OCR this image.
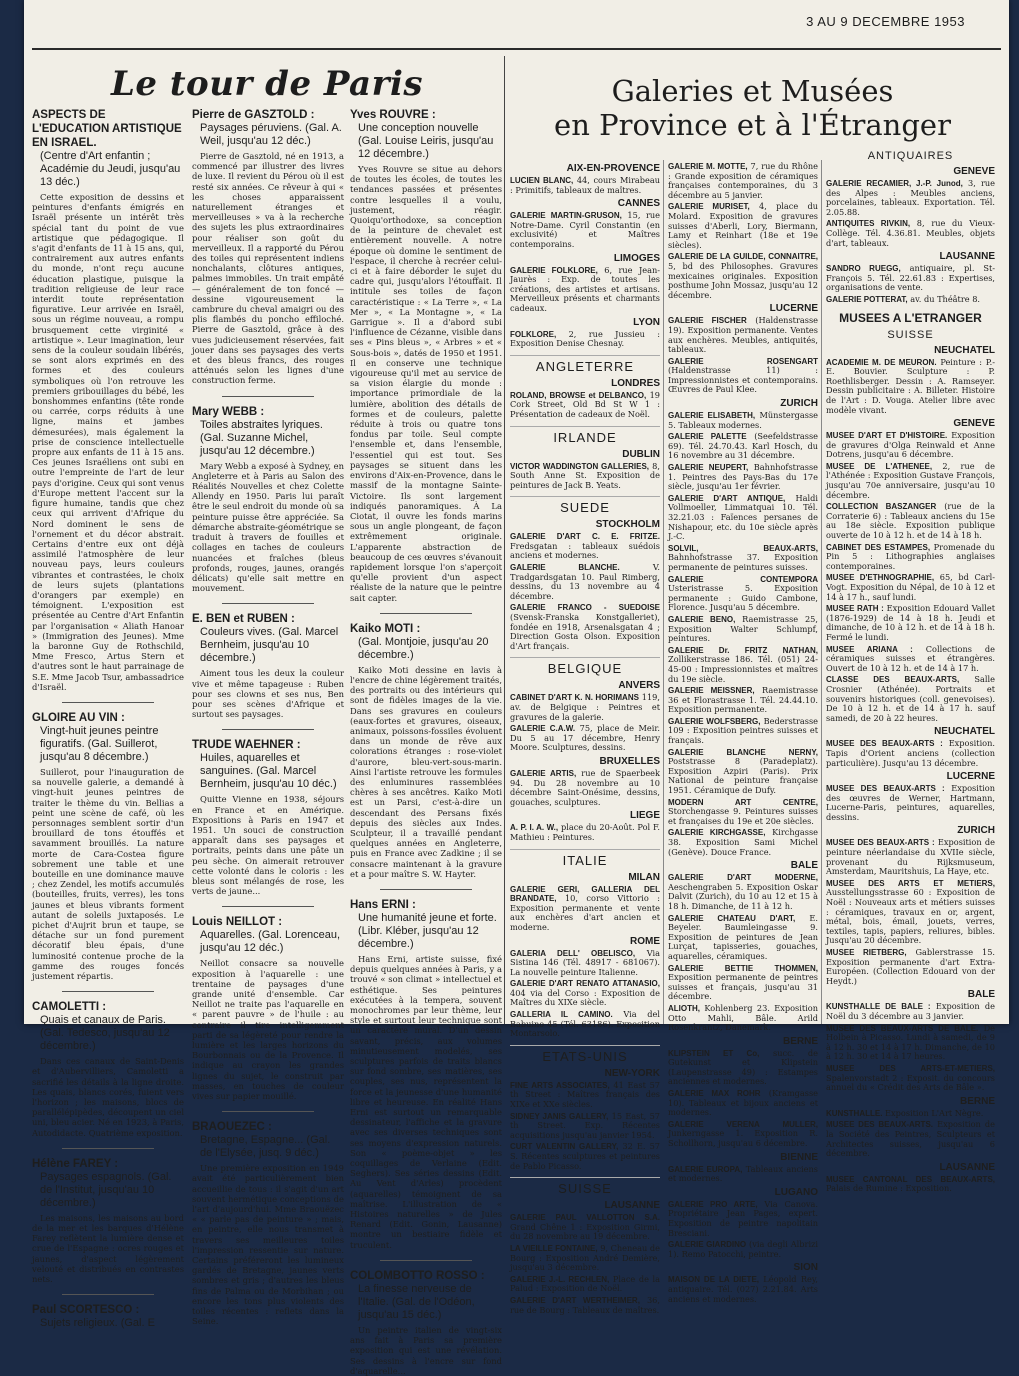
3 AU 9 DECEMBRE 1953
Le tour de Paris
ASPECTS DE L'EDUCATION ARTISTIQUE EN ISRAEL.
(Centre d'Art enfantin ; Académie du Jeudi, jusqu'au 13 déc.)
Cette exposition de dessins et peintures d'enfants émigrés en Israël présente un intérêt très spécial tant du point de vue artistique que pédagogique. Il s'agit d'enfants de 11 à 15 ans, qui, contrairement aux autres enfants du monde, n'ont reçu aucune éducation plastique, puisque la tradition religieuse de leur race interdit toute représentation figurative. Leur arrivée en Israël, sous un régime nouveau, a rompu brusquement cette virginité « artistique ». Leur imagination, leur sens de la couleur soudain libérés, se sont alors exprimés en des formes et des couleurs symboliques où l'on retrouve les premiers gribouillages du bébé, les bonshommes enfantins (tête ronde ou carrée, corps réduits à une ligne, mains et jambes démesurées), mais également la prise de conscience intellectuelle propre aux enfants de 11 à 15 ans. Ces jeunes Israéliens ont subi en outre l'empreinte de l'art de leur pays d'origine. Ceux qui sont venus d'Europe mettent l'accent sur la figure humaine, tandis que chez ceux qui arrivent d'Afrique du Nord dominent le sens de l'ornement et du décor abstrait. Certains d'entre eux ont déjà assimilé l'atmosphère de leur nouveau pays, leurs couleurs vibrantes et contrastées, le choix de leurs sujets (plantations d'orangers par exemple) en témoignent. L'exposition est présentée au Centre d'Art Enfantin par l'organisation « Aliath Hanoar » (Immigration des Jeunes). Mme la baronne Guy de Rothschild, Mme Fresco, Artus Stern et d'autres sont le haut parrainage de S.E. Mme Jacob Tsur, ambassadrice d'Israël.
GLOIRE AU VIN :
Vingt-huit jeunes peintre figuratifs. (Gal. Suillerot, jusqu'au 8 décembre.)
Suillerot, pour l'inauguration de sa nouvelle galerie, a demandé à vingt-huit jeunes peintres de traiter le thème du vin. Bellias a peint une scène de café, où les personnages semblent sortir d'un brouillard de tons étouffés et savamment brouillés. La nature morte de Cara-Costea figure sobrement une table et une bouteille en une dominance mauve ; chez Zendel, les motifs accumulés (bouteilles, fruits, verres), les tons jaunes et bleus vibrants forment autant de soleils juxtaposés. Le pichet d'Aujrit brun et taupe, se détache sur un fond purement décoratif bleu épais, d'une luminosité contenue proche de la gamme des rouges foncés justement répartis.
CAMOLETTI :
Quais et canaux de Paris. (Gal. Tedesco, jusqu'au 12 décembre.)
Dans ces canaux de Saint-Denis et d'Aubervilliers, Camoletti a sacrifié les détails à la ligne droite. Les quais, blancs corés, fuient vers l'horizon ; les maisons, blocs de parallélépipèdes, découpent un ciel uni, bleu acier. Né en 1923, à Paris, Autodidacte. Quatrième exposition.
Hélène FAREY :
Paysages espagnols. (Gal. de l'Institut, jusqu'au 10 décembre.)
Les maisons, les maisons au bord de la mer et les barques d'Hélène Farey reflètent la lumière dense et crue de l'Espagne : ocres rouges et jaunes, d'aspect légèrement velouté et distribués en contrastes nets.
Paul SCORTESCO :
Sujets religieux. (Gal. E
Pierre de GASZTOLD :
Paysages péruviens. (Gal. A. Weil, jusqu'au 12 déc.)
Pierre de Gasztold, né en 1913, a commencé par illustrer des livres de luxe. Il revient du Pérou où il est resté six années. Ce rêveur à qui « les choses apparaissent naturellement étranges et merveilleuses » va à la recherche des sujets les plus extraordinaires pour réaliser son goût du merveilleux. Il a rapporté du Pérou des toiles qui représentent indiens nonchalants, clôtures antiques, palmes immobiles. Un trait empâté — généralement de ton foncé — dessine vigoureusement la cambrure du cheval amaigri ou des plis flambés du poncho effiloché. Pierre de Gasztold, grâce à des vues judicieusement réservées, fait jouer dans ses paysages des verts et des bleus francs, des rouges atténués selon les lignes d'une construction ferme.
Mary WEBB :
Toiles abstraites lyriques. (Gal. Suzanne Michel, jusqu'au 12 décembre.)
Mary Webb a exposé à Sydney, en Angleterre et à Paris au Salon des Réalités Nouvelles et chez Colette Allendy en 1950. Paris lui paraît être le seul endroit du monde où sa peinture puisse être appréciée. Sa démarche abstraite-géométrique se traduit à travers de fouilles et collages en taches de couleurs nuancées et fraîches (bleus profonds, rouges, jaunes, orangés délicats) qu'elle sait mettre en mouvement.
E. BEN et RUBEN :
Couleurs vives. (Gal. Marcel Bernheim, jusqu'au 10 décembre.)
Aiment tous les deux la couleur vive et même tapageuse : Ruben pour ses clowns et ses nus, Ben pour ses scènes d'Afrique et surtout ses paysages.
TRUDE WAEHNER :
Huiles, aquarelles et sanguines. (Gal. Marcel Bernheim, jusqu'au 10 déc.)
Quitte Vienne en 1938, séjours en France et en Amérique. Expositions à Paris en 1947 et 1951. Un souci de construction apparaît dans ses paysages et portraits, peints dans une pâte un peu sèche. On aimerait retrouver cette volonté dans le coloris : les bleus sont mélangés de rose, les verts de jaune...
Louis NEILLOT :
Aquarelles. (Gal. Lorenceau, jusqu'au 12 déc.)
Neillot consacre sa nouvelle exposition à l'aquarelle : une trentaine de paysages d'une grande unité d'ensemble. Car Neillot ne traite pas l'aquarelle en « parent pauvre » de l'huile : au contraire il tire intelligemment parti de sa légèreté pour rendre la lumière et les larges horizons du Bourbonnais ou de la Provence. Il indique au crayon les grandes lignes du sujet, le construit par masses, en touches de couleur vives sur papier mouillé.
BRAOUEZEC :
Bretagne, Espagne... (Gal. de l'Elysée, jusq. 9 déc.)
Une première exposition en 1949 avait été particulièrement bien accueillie de tous : il s'agit d'un art souvent hermétique conceptions de l'art d'aujourd'hui. Mme Braouëzec « « parle pas de peinture » ; mais, en peintre, elle nous transmet à travers ses meilleures toiles l'impression ressentie sur nature. Certains préféreront les lumineux gardés de Bretagne, jaunes verts sombres et gris ; d'autres les bleus fins de Palma ou de Morbihan ; ou encore les tons plus violents des toiles récentes : reflets dans la Seine.
Yves ROUVRE :
Une conception nouvelle (Gal. Louise Leiris, jusqu'au 12 décembre.)
Yves Rouvre se situe au dehors de toutes les écoles, de toutes les tendances passées et présentes contre lesquelles il a voulu, justement, réagir. Quoiqu'orthodoxe, sa conception de la peinture de chevalet est entièrement nouvelle. A notre époque où domine le sentiment de l'espace, il cherche à recréer celui-ci et à faire déborder le sujet du cadre qui, jusqu'alors l'étouffait. Il intitule ses toiles de façon caractéristique : « La Terre », « La Mer », « La Montagne », « La Garrigue ». Il a d'abord subi l'influence de Cézanne, visible dans ses « Pins bleus », « Arbres » et « Sous-bois », datés de 1950 et 1951. Il en conserve une technique vigoureuse qu'il met au service de sa vision élargie du monde : importance primordiale de la lumière, abolition des détails de formes et de couleurs, palette réduite à trois ou quatre tons fondus par toile. Seul compte l'ensemble et, dans l'ensemble, l'essentiel qui est tout. Ses paysages se situent dans les environs d'Aix-en-Provence, dans le massif de la montagne Sainte-Victoire. Ils sont largement indiqués panoramiques. À La Ciotat, il ouvre les fonds marins sous un angle plongeant, de façon extrêmement originale. L'apparente abstraction de beaucoup de ces œuvres s'évanouit rapidement lorsque l'on s'aperçoit qu'elle provient d'un aspect réaliste de la nature que le peintre sait capter.
Kaiko MOTI :
(Gal. Montjoie, jusqu'au 20 décembre.)
Kaiko Moti dessine en lavis à l'encre de chine légèrement traités, des portraits ou des intérieurs qui sont de fidèles images de la vie. Dans ses gravures en couleurs (eaux-fortes et gravures, oiseaux, animaux, poissons-fossiles évoluent dans un monde de rêve aux colorations étranges : rose-violet d'aurore, bleu-vert-sous-marin. Ainsi l'artiste retrouve les formules des enluminures rassemblées chères à ses ancêtres. Kaiko Moti est un Parsi, c'est-à-dire un descendant des Persans fixés depuis des siècles aux Indes. Sculpteur, il a travaillé pendant quelques années en Angleterre, puis en France avec Zadkine ; il se consacre maintenant à la gravure et a pour maître S. W. Hayter.
Hans ERNI :
Une humanité jeune et forte. (Libr. Kléber, jusqu'au 12 décembre.)
Hans Erni, artiste suisse, fixé depuis quelques années à Paris, y a trouvé « son climat » intellectuel et esthétique. Ses peintures exécutées à la tempera, souvent monochromes par leur thème, leur style et surtout leur technique sont un caractère mural. D'un dessin savant, précis, aux volumes minutieusement modelés, ses sculptures parfois de traits blancs sur fond sombre, ses matières, ses couples, ses nus, représentent la force et la jeunesse d'une humanité libre et heureuse. En réalité Hans Erni est surtout un remarquable dessinateur, l'affiche et la gravure avec ses diverses techniques sont ses moyens d'expression naturels. Son « poème-objet » les coquillages de Verlaine (Edit. Seghers). Ses séries dessins (Edit. Au Vent d'Arles) procèdent (aquarelles) témoignent de sa maîtrise. L'illustration de « Histoires naturelles » de Jules Renard (Edit. Gonin, Lausanne) montre un bestiaire fidèle et truculent.
COLOMBOTTO ROSSO :
La finesse nerveuse de l'Italie. (Gal. de l'Odéon, jusqu'au 15 déc.)
Un peintre italien de vingt-six ans fait à Paris sa première exposition qui est une révélation. Ses dessins à l'encre sur fond d'aquarelle...
Galeries et Musées
en Province et à l'Étranger
AIX-EN-PROVENCE
LUCIEN BLANC, 44, cours Mirabeau : Primitifs, tableaux de maîtres.
CANNES
GALERIE MARTIN-GRUSON, 15, rue Notre-Dame. Cyril Constantin (en exclusivité) et Maîtres contemporains.
LIMOGES
GALERIE FOLKLORE, 6, rue Jean-Jaurès : Exp. de toutes les créations, des artistes et artisans. Merveilleux présents et charmants cadeaux.
LYON
FOLKLORE, 2, rue Jussieu : Exposition Denise Chesnay.
ANGLETERRE
LONDRES
ROLAND, BROWSE et DELBANCO, 19 Cork Street, Old Bd St W 1 : Présentation de cadeaux de Noël.
IRLANDE
DUBLIN
VICTOR WADDINGTON GALLERIES, 8, South Anne St. Exposition de peintures de Jack B. Yeats.
SUEDE
STOCKHOLM
GALERIE D'ART C. E. FRITZE. Fredsgatan : tableaux suédois anciens et modernes.
GALERIE BLANCHE. V. Tradgardsgatan 10. Paul Rimberg, dessins, du 13 novembre au 4 décembre.
GALERIE FRANCO - SUEDOISE (Svensk-Franska Konstgalleriet), fondée en 1918, Arsenalsgatan 4 ; Direction Gosta Olson. Exposition d'Art français.
BELGIQUE
ANVERS
CABINET D'ART K. N. HORIMANS 119, av. de Belgique : Peintres et gravures de la galerie.
GALERIE C.A.W. 75, place de Meir. Du 5 au 17 décembre, Henry Moore. Sculptures, dessins.
BRUXELLES
GALERIE ARTIS, rue de Spaerbeek 94. Du 28 novembre au 10 décembre Saint-Onésime, dessins, gouaches, sculptures.
LIEGE
A. P. I. A. W., place du 20-Août. Pol F. Mathieu : Peintures.
ITALIE
MILAN
GALERIE GERI, GALLERIA DEL BRANDATE, 10, corso Vittorio : Exposition permanente et vente aux enchères d'art ancien et moderne.
ROME
GALERIA DELL' OBELISCO, Via Sistina 146 (Tél. 48917 - 681067). La nouvelle peinture Italienne.
GALERIE D'ART RENATO ATTANASIO, 404 via del Corso : Exposition de Maîtres du XIXe siècle.
GALLERIA IL CAMINO. Via del Babuino 45 (Tél. 63186). Exposition Montarsolo.
ETATS-UNIS
NEW-YORK
FINE ARTS ASSOCIATES, 41 East 57 th Street : Maîtres français des XIXe et XXe siècles.
SIDNEY JANIS GALLERY, 15 East, 57 th Street. Exp. Récentes acquisitions jusqu'au janvier 1954.
CURT VALENTIN GALLERY, 32 E. 57 S. Récentes sculptures et peintures de Pablo Picasso.
SUISSE
LAUSANNE
GALERIE PAUL VALLOTTON S.A. Grand Chêne 1 : Exposition Girmi, du 28 novembre au 19 décembre.
LA VIEILLE FONTAINE, 9, Cheneau de Bourg : Exposition André Demière, jusqu'au 3 décembre.
GALERIE J.-L. RECHLEN, Place de la Palud : Exposition de Noël.
GALERIE D'ART WERTHEIMER, 36, rue de Bourg : Tableaux de maîtres.
GALERIE M. MOTTE, 7, rue du Rhône : Grande exposition de céramiques françaises contemporaines, du 3 décembre au 5 janvier.
GALERIE MURISET, 4, place du Molard. Exposition de gravures suisses d'Aberli, Lory, Biermann, Lamy et Reinhart (18e et 19e siècles).
GALERIE DE LA GUILDE, CONNAITRE, 5, bd des Philosophes. Gravures mexicaines originales. Exposition posthume John Mossaz, jusqu'au 12 décembre.
LUCERNE
GALERIE FISCHER (Haldenstrasse 19). Exposition permanente. Ventes aux enchères. Meubles, antiquités, tableaux.
GALERIE ROSENGART (Haldenstrasse 11) : Impressionnistes et contemporains. Œuvres de Paul Klee.
ZURICH
GALERIE ELISABETH, Münstergasse 5. Tableaux modernes.
GALERIE PALETTE (Seefeldstrasse 69). Tél. 24.70.43. Karl Hosch, du 16 novembre au 31 décembre.
GALERIE NEUPERT, Bahnhofstrasse 1. Peintres des Pays-Bas du 17e siècle, jusqu'au 1er février.
GALERIE D'ART ANTIQUE, Haldi Vollmoeller, Limmatquai 10. Tél. 32.21.03 : Faïences persanes de Nishapour, etc. du 10e siècle après J.-C.
SOLVIL, BEAUX-ARTS, Bahnhofstrasse 37. Exposition permanente de peintures suisses.
GALERIE CONTEMPORA Usteristrasse 5. Exposition permanente : Guido Cambone, Florence. Jusqu'au 5 décembre.
GALERIE BENO, Raemistrasse 25, Exposition Walter Schlumpf, peintures.
GALERIE Dr. FRITZ NATHAN, Zollikerstrasse 186. Tél. (051) 24-45-00 : Impressionnistes et maîtres du 19e siècle.
GALERIE MEISSNER, Raemistrasse 36 et Florastrasse 1. Tél. 24.44.10. Exposition permanente.
GALERIE WOLFSBERG, Bederstrasse 109 : Exposition peintres suisses et français.
GALERIE BLANCHE NERNY, Poststrasse 8 (Paradeplatz). Exposition Azpiri (Paris). Prix National de peinture française 1951. Céramique de Dufy.
MODERN ART CENTRE, Storchengasse 9. Peintures suisses et françaises du 19e et 20e siècles.
GALERIE KIRCHGASSE, Kirchgasse 38. Exposition Sami Michel (Genève). Douce France.
BALE
GALERIE D'ART MODERNE, Aeschengraben 5. Exposition Oskar Dalvit (Zurich), du 10 au 12 et 15 à 18 h. Dimanche, de 11 à 12 h.
GALERIE CHATEAU D'ART, E. Beyeler. Baumleingasse 9. Exposition de peintures de Jean Lurçat, tapisseries, gouaches, aquarelles, céramiques.
GALERIE BETTIE THOMMEN, Exposition permanente de peintres suisses et français, jusqu'au 31 décembre.
ALIOTH, Kohlenberg 23. Exposition Otto Mahli, Bâle. Arild Rosenkrantz, Danemark.
BERNE
KLIPSTEIN ET Co, succ. de Gutekunst et Klipstein (Laupenstrasse 49) : Estampes anciennes et modernes.
GALERIE MAX ROHR (Kramgasse 10). Tableaux et bijoux anciens et modernes.
GALERIE VERENA MULLER, Junkerngasse 1. Exposition R. Schollhorn, jusqu'au 6 décembre.
BIENNE
GALERIE EUROPA, Tableaux anciens et modernes.
LUGANO
GALERIE PRO ARTE, Via Canova. Propriétaire Jean Pages, expert. Exposition de peintre napolitain Bresciani.
GALERIE GIARDINO (via degli Albrizi 1). Remo Patocchi, peintre.
SION
MAISON DE LA DIETE, Léopold Rey, antiquaire. Tél. (027) 2.21.84. Arts anciens et modernes.
ANTIQUAIRES
GENEVE
GALERIE RECAMIER, J.-P. Junod, 3, rue des Alpes : Meubles anciens, porcelaines, tableaux. Exportation. Tél. 2.05.88.
ANTIQUITES RIVKIN, 8, rue du Vieux-Collège. Tél. 4.36.81. Meubles, objets d'art, tableaux.
LAUSANNE
SANDRO RUEGG, antiquaire, pl. St-François 5. Tél. 22.61.83 : Expertises, organisations de vente.
GALERIE POTTERAT, av. du Théâtre 8.
MUSEES A L'ETRANGER
SUISSE
NEUCHATEL
ACADEMIE M. DE MEURON. Peinture : P.-E. Bouvier. Sculpture : P. Roethlisberger. Dessin : A. Ramseyer. Dessin publicitaire : A. Billeter. Histoire de l'Art : D. Vouga. Atelier libre avec modèle vivant.
GENEVE
MUSEE D'ART ET D'HISTOIRE. Exposition de gravures d'Olga Reinwald et Anne Dotrens, jusqu'au 6 décembre.
MUSEE DE L'ATHENEE, 2, rue de l'Athénée : Exposition Gustave François, jusqu'au 70e anniversaire, jusqu'au 10 décembre.
COLLECTION BASZANGER (rue de la Corraterie 6) : Tableaux anciens du 15e au 18e siècle. Exposition publique ouverte de 10 à 12 h. et de 14 à 18 h.
CABINET DES ESTAMPES, Promenade du Pin 5 : Lithographies anglaises contemporaines.
MUSEE D'ETHNOGRAPHIE, 65, bd Carl-Vogt. Exposition du Népal, de 10 à 12 et 14 à 17 h., sauf lundi.
MUSEE RATH : Exposition Edouard Vallet (1876-1929) de 14 à 18 h. Jeudi et dimanche, de 10 à 12 h. et de 14 à 18 h. Fermé le lundi.
MUSEE ARIANA : Collections de céramiques suisses et étrangères. Ouvert de 10 à 12 h. et de 14 à 17 h.
CLASSE DES BEAUX-ARTS, Salle Crosnier (Athénée). Portraits et souvenirs historiques (coll. genevoises). De 10 à 12 h. et de 14 à 17 h. sauf samedi, de 20 à 22 heures.
NEUCHATEL
MUSEE DES BEAUX-ARTS : Exposition. Tapis d'Orient anciens (collection particulière). Jusqu'au 13 décembre.
LUCERNE
MUSEE DES BEAUX-ARTS : Exposition des œuvres de Werner, Hartmann, Lucerne-Paris, peintures, aquarelles, dessins.
ZURICH
MUSEE DES BEAUX-ARTS : Exposition de peinture néerlandaise du XVIIe siècle, provenant du Rijksmuseum, Amsterdam, Mauritshuis, La Haye, etc.
MUSEE DES ARTS ET METIERS, Ausstellungsstrasse 60 : Exposition de Noël : Nouveaux arts et métiers suisses : céramiques, travaux en or, argent, métal, bois, émail, jouets, verres, textiles, tapis, papiers, reliures, bibles. Jusqu'au 20 décembre.
MUSEE RIETBERG, Gablerstrasse 15. Exposition permanente d'art Extra-Européen. (Collection Edouard von der Heydt.)
BALE
KUNSTHALLE DE BALE : Exposition de Noël du 3 décembre au 3 janvier.
MUSEE DES BEAUX-ARTS DE BALE. De Holbein à Picasso. Lundi à samedi, de 9 à 12 h. 30 et 14 à 17 h. Dimanche, de 10 à 12 h. 30 et 14 à 17 heures.
MUSEE DES ARTS-ET-METIERS, Spalenvorstadt 2 : Exposit. du concours annuel du « Crédit des Arts de Bâle ».
BERNE
KUNSTHALLE. Exposition L'Art Nègre.
MUSEE DES BEAUX-ARTS. Exposition de la Société des Peintres, Sculpteurs et Architectes suisses, jusqu'au 6 décembre.
LAUSANNE
MUSEE CANTONAL DES BEAUX-ARTS, Palais de Rumine : Exposition.
